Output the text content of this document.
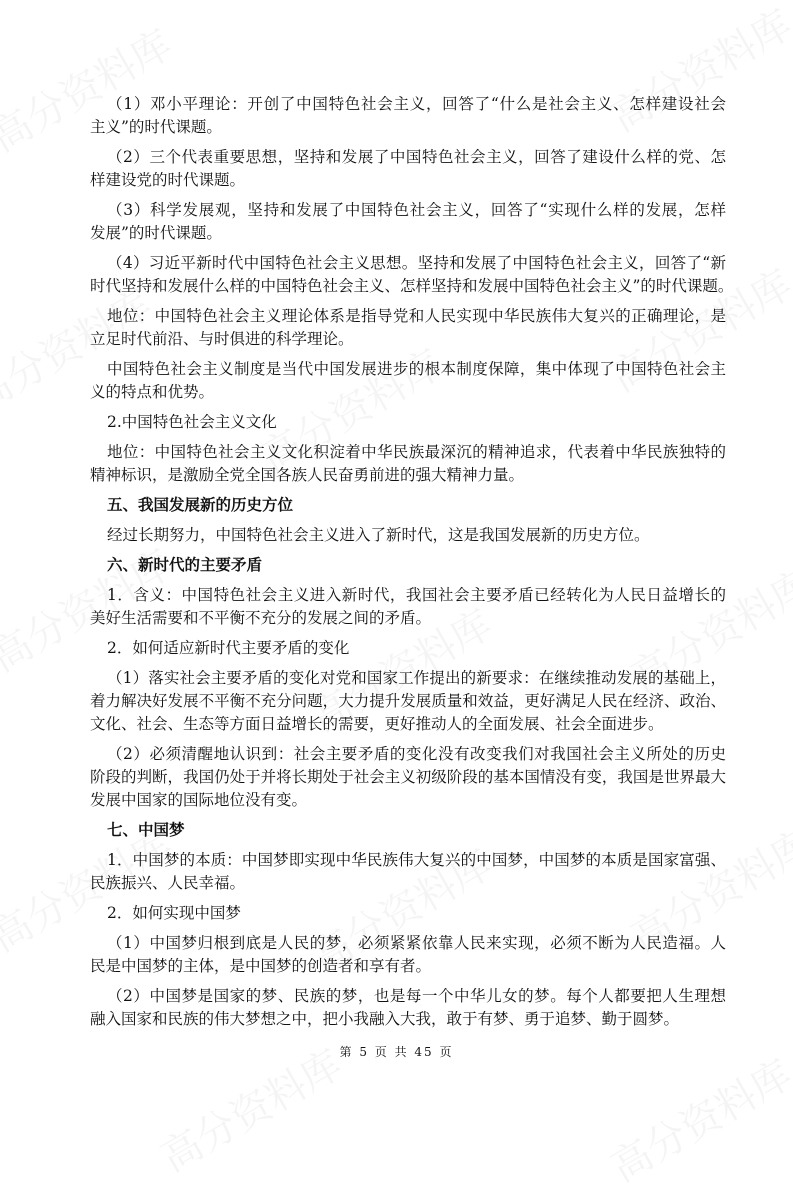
（1）邓小平理论：开创了中国特色社会主义，回答了“什么是社会主义、怎样建设社会
主义”的时代课题。
（2）三个代表重要思想，坚持和发展了中国特色社会主义，回答了建设什么样的党、怎
样建设党的时代课题。
（3）科学发展观，坚持和发展了中国特色社会主义，回答了“实现什么样的发展，怎样
发展”的时代课题。
（4）习近平新时代中国特色社会主义思想。坚持和发展了中国特色社会主义，回答了“新
时代坚持和发展什么样的中国特色社会主义、怎样坚持和发展中国特色社会主义”的时代课题。
地位：中国特色社会主义理论体系是指导党和人民实现中华民族伟大复兴的正确理论，是
立足时代前沿、与时俱进的科学理论。
中国特色社会主义制度是当代中国发展进步的根本制度保障，集中体现了中国特色社会主
义的特点和优势。
2.中国特色社会主义文化
地位：中国特色社会主义文化积淀着中华民族最深沉的精神追求，代表着中华民族独特的
精神标识，是激励全党全国各族人民奋勇前进的强大精神力量。
五、我国发展新的历史方位
经过长期努力，中国特色社会主义进入了新时代，这是我国发展新的历史方位。
六、新时代的主要矛盾
1．含义：中国特色社会主义进入新时代，我国社会主要矛盾已经转化为人民日益增长的
美好生活需要和不平衡不充分的发展之间的矛盾。
2．如何适应新时代主要矛盾的变化
（1）落实社会主要矛盾的变化对党和国家工作提出的新要求：在继续推动发展的基础上，
着力解决好发展不平衡不充分问题，大力提升发展质量和效益，更好满足人民在经济、政治、
文化、社会、生态等方面日益增长的需要，更好推动人的全面发展、社会全面进步。
（2）必须清醒地认识到：社会主要矛盾的变化没有改变我们对我国社会主义所处的历史
阶段的判断，我国仍处于并将长期处于社会主义初级阶段的基本国情没有变，我国是世界最大
发展中国家的国际地位没有变。
七、中国梦
1．中国梦的本质：中国梦即实现中华民族伟大复兴的中国梦，中国梦的本质是国家富强、
民族振兴、人民幸福。
2．如何实现中国梦
（1）中国梦归根到底是人民的梦，必须紧紧依靠人民来实现，必须不断为人民造福。人
民是中国梦的主体，是中国梦的创造者和享有者。
（2）中国梦是国家的梦、民族的梦，也是每一个中华儿女的梦。每个人都要把人生理想
融入国家和民族的伟大梦想之中，把小我融入大我，敢于有梦、勇于追梦、勤于圆梦。
第 5 页 共 45 页
